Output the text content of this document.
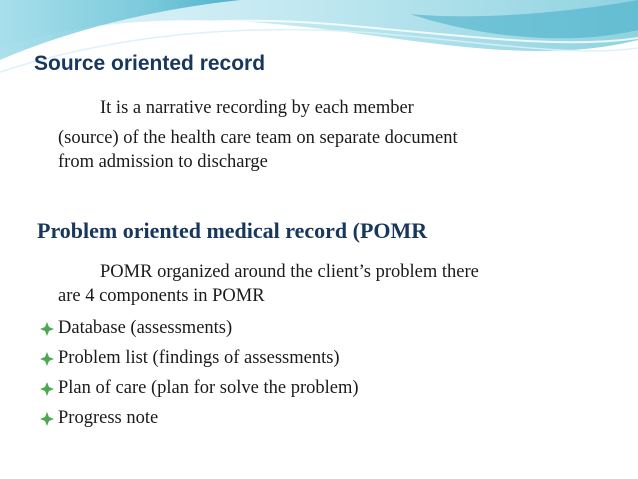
Source oriented record
It is a narrative recording by each member
(source) of the health care team on separate document
from admission to discharge
Problem oriented medical record (POMR
POMR organized around the client’s problem there
are 4 components in POMR
Database (assessments)
Problem list (findings of assessments)
Plan of care (plan for solve the problem)
Progress note
